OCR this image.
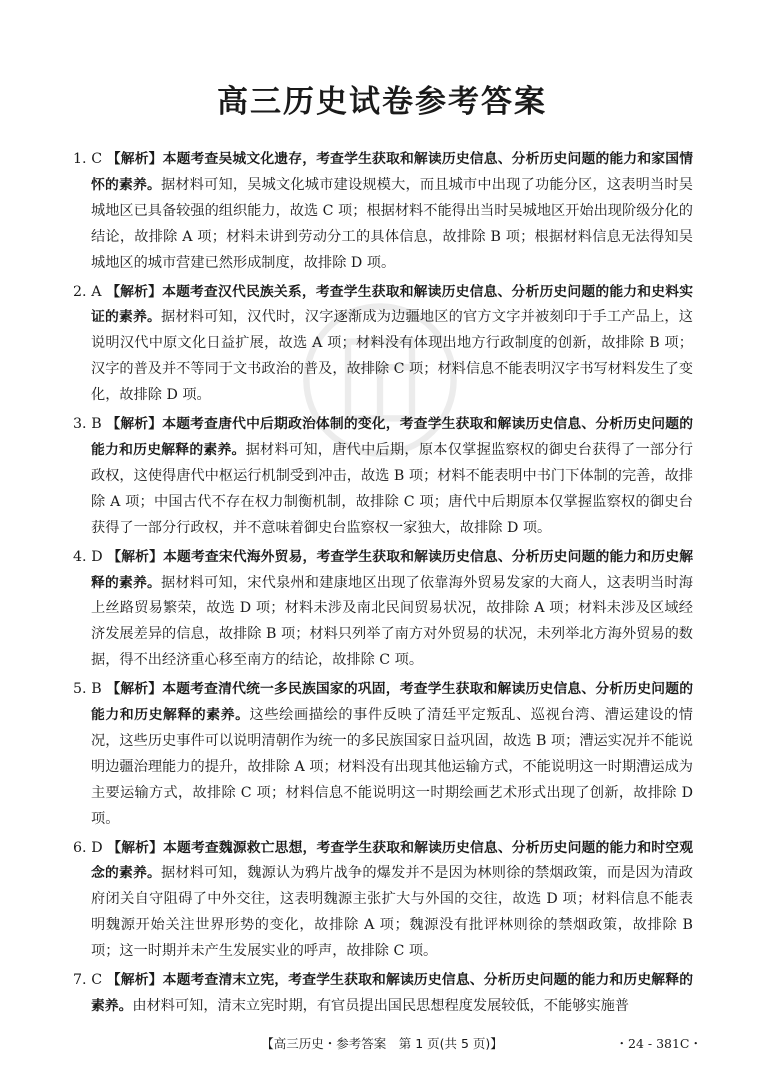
高三历史试卷参考答案

1. C 【解析】本题考查吴城文化遗存，考查学生获取和解读历史信息、分析历史问题的能力和家国情怀的素养。据材料可知，吴城文化城市建设规模大，而且城市中出现了功能分区，这表明当时吴城地区已具备较强的组织能力，故选 C 项；根据材料不能得出当时吴城地区开始出现阶级分化的结论，故排除 A 项；材料未讲到劳动分工的具体信息，故排除 B 项；根据材料信息无法得知吴城地区的城市营建已然形成制度，故排除 D 项。

2. A 【解析】本题考查汉代民族关系，考查学生获取和解读历史信息、分析历史问题的能力和史料实证的素养。据材料可知，汉代时，汉字逐渐成为边疆地区的官方文字并被刻印于手工产品上，这说明汉代中原文化日益扩展，故选 A 项；材料没有体现出地方行政制度的创新，故排除 B 项；汉字的普及并不等同于文书政治的普及，故排除 C 项；材料信息不能表明汉字书写材料发生了变化，故排除 D 项。

3. B 【解析】本题考查唐代中后期政治体制的变化，考查学生获取和解读历史信息、分析历史问题的能力和历史解释的素养。据材料可知，唐代中后期，原本仅掌握监察权的御史台获得了一部分行政权，这使得唐代中枢运行机制受到冲击，故选 B 项；材料不能表明中书门下体制的完善，故排除 A 项；中国古代不存在权力制衡机制，故排除 C 项；唐代中后期原本仅掌握监察权的御史台获得了一部分行政权，并不意味着御史台监察权一家独大，故排除 D 项。

4. D 【解析】本题考查宋代海外贸易，考查学生获取和解读历史信息、分析历史问题的能力和历史解释的素养。据材料可知，宋代泉州和建康地区出现了依靠海外贸易发家的大商人，这表明当时海上丝路贸易繁荣，故选 D 项；材料未涉及南北民间贸易状况，故排除 A 项；材料未涉及区域经济发展差异的信息，故排除 B 项；材料只列举了南方对外贸易的状况，未列举北方海外贸易的数据，得不出经济重心移至南方的结论，故排除 C 项。

5. B 【解析】本题考查清代统一多民族国家的巩固，考查学生获取和解读历史信息、分析历史问题的能力和历史解释的素养。这些绘画描绘的事件反映了清廷平定叛乱、巡视台湾、漕运建设的情况，这些历史事件可以说明清朝作为统一的多民族国家日益巩固，故选 B 项；漕运实况并不能说明边疆治理能力的提升，故排除 A 项；材料没有出现其他运输方式，不能说明这一时期漕运成为主要运输方式，故排除 C 项；材料信息不能说明这一时期绘画艺术形式出现了创新，故排除 D 项。

6. D 【解析】本题考查魏源救亡思想，考查学生获取和解读历史信息、分析历史问题的能力和时空观念的素养。据材料可知，魏源认为鸦片战争的爆发并不是因为林则徐的禁烟政策，而是因为清政府闭关自守阻碍了中外交往，这表明魏源主张扩大与外国的交往，故选 D 项；材料信息不能表明魏源开始关注世界形势的变化，故排除 A 项；魏源没有批评林则徐的禁烟政策，故排除 B 项；这一时期并未产生发展实业的呼声，故排除 C 项。

7. C 【解析】本题考查清末立宪，考查学生获取和解读历史信息、分析历史问题的能力和历史解释的素养。由材料可知，清末立宪时期，有官员提出国民思想程度发展较低，不能够实施普

【高三历史・参考答案　第 1 页(共 5 页)】	・24 - 381C・
